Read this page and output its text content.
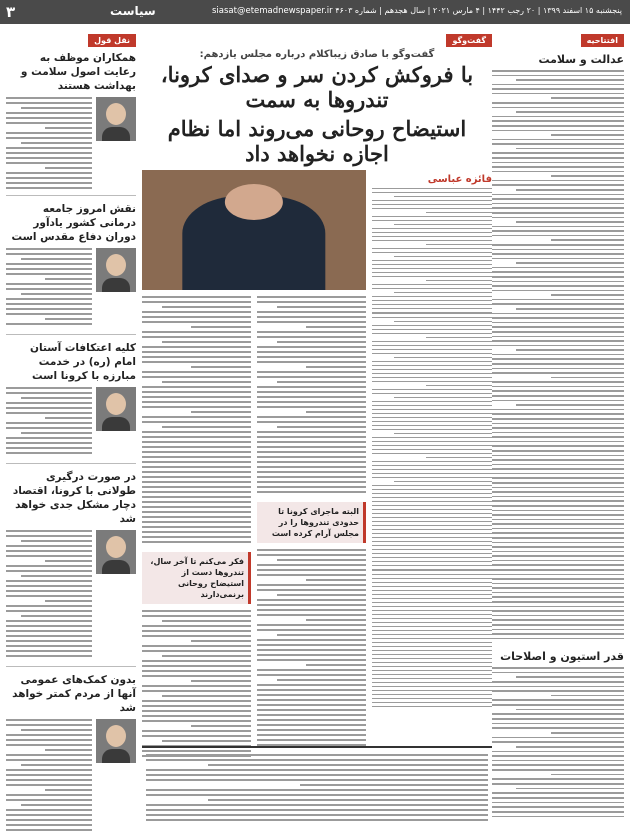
۳	سیاست	siasat@etemadnewspaper.ir پنجشنبه ۱۵ اسفند ۱۳۹۹ | ۲۰ رجب ۱۴۴۲ | ۴ مارس ۲۰۲۱ | سال هجدهم | شماره ۴۶۰۳
افتتاحیه
عدالت و سلامت
قدر استیون و اصلاحات
گفت‌وگو
گفت‌وگو با صادق زیباکلام درباره مجلس یازدهم:
با فروکش کردن سر و صدای کرونا، تندروها به سمت
استیضاح روحانی می‌روند اما نظام اجازه نخواهد داد
فائزه عباسی
البته ماجرای کرونا تا حدودی تندروها را در مجلس آرام کرده است
فکر می‌کنم تا آخر سال، تندروها دست از استیضاح روحانی برنمی‌دارند
نقل قول
همکاران موظف به رعایت اصول سلامت و بهداشت هستند
نقش امروز جامعه درمانی کشور یادآور دوران دفاع مقدس است
کلیه اعتکافات آستان امام (ره) در خدمت مبارزه با کرونا است
در صورت درگیری طولانی با کرونا، اقتصاد دچار مشکل جدی خواهد شد
بدون کمک‌های عمومی آنها از مردم کمتر خواهد شد
